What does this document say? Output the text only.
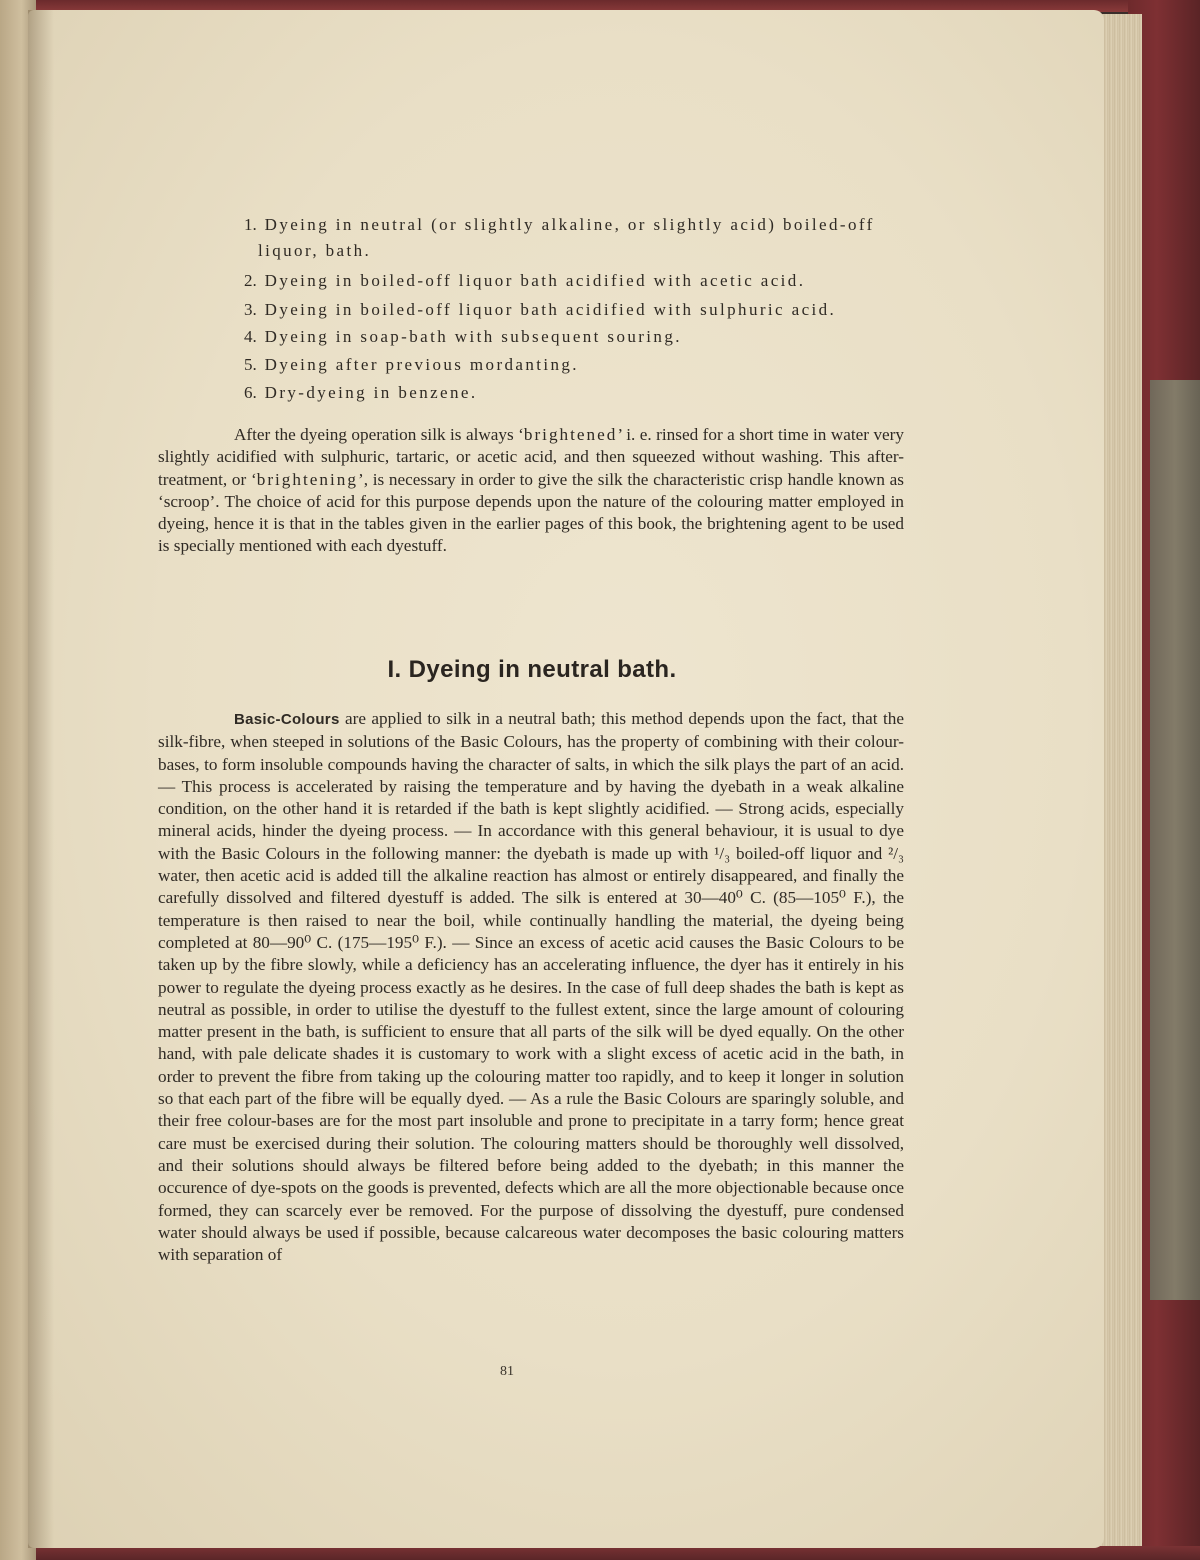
1. Dyeing in neutral (or slightly alkaline, or slightly acid) boiled-off
liquor, bath.
2. Dyeing in boiled-off liquor bath acidified with acetic acid.
3. Dyeing in boiled-off liquor bath acidified with sulphuric acid.
4. Dyeing in soap-bath with subsequent souring.
5. Dyeing after previous mordanting.
6. Dry-dyeing in benzene.
After the dyeing operation silk is always ‘brightened’ i. e. rinsed for a short time in water very slightly acidified with sulphuric, tartaric, or acetic acid, and then squeezed without washing. This after-treatment, or ‘brightening’, is necessary in order to give the silk the characteristic crisp handle known as ‘scroop’. The choice of acid for this purpose depends upon the nature of the colouring matter employed in dyeing, hence it is that in the tables given in the earlier pages of this book, the brightening agent to be used is specially mentioned with each dyestuff.
I. Dyeing in neutral bath.
Basic-Colours are applied to silk in a neutral bath; this method depends upon the fact, that the silk-fibre, when steeped in solutions of the Basic Colours, has the property of combining with their colour-bases, to form insoluble compounds having the character of salts, in which the silk plays the part of an acid. — This process is accelerated by raising the temperature and by having the dyebath in a weak alkaline condition, on the other hand it is retarded if the bath is kept slightly acidified. — Strong acids, especially mineral acids, hinder the dyeing process. — In accordance with this general behaviour, it is usual to dye with the Basic Colours in the following manner: the dyebath is made up with ¹/₃ boiled-off liquor and ²/₃ water, then acetic acid is added till the alkaline reaction has almost or entirely disappeared, and finally the carefully dissolved and filtered dyestuff is added. The silk is entered at 30—40⁰ C. (85—105⁰ F.), the temperature is then raised to near the boil, while continually handling the material, the dyeing being completed at 80—90⁰ C. (175—195⁰ F.). — Since an excess of acetic acid causes the Basic Colours to be taken up by the fibre slowly, while a deficiency has an accelerating influence, the dyer has it entirely in his power to regulate the dyeing process exactly as he desires. In the case of full deep shades the bath is kept as neutral as possible, in order to utilise the dyestuff to the fullest extent, since the large amount of colouring matter present in the bath, is sufficient to ensure that all parts of the silk will be dyed equally. On the other hand, with pale delicate shades it is customary to work with a slight excess of acetic acid in the bath, in order to prevent the fibre from taking up the colouring matter too rapidly, and to keep it longer in solution so that each part of the fibre will be equally dyed. — As a rule the Basic Colours are sparingly soluble, and their free colour-bases are for the most part insoluble and prone to precipitate in a tarry form; hence great care must be exercised during their solution. The colouring matters should be thoroughly well dissolved, and their solutions should always be filtered before being added to the dyebath; in this manner the occurence of dye-spots on the goods is prevented, defects which are all the more objectionable because once formed, they can scarcely ever be removed. For the purpose of dissolving the dyestuff, pure condensed water should always be used if possible, because calcareous water decomposes the basic colouring matters with separation of
81
